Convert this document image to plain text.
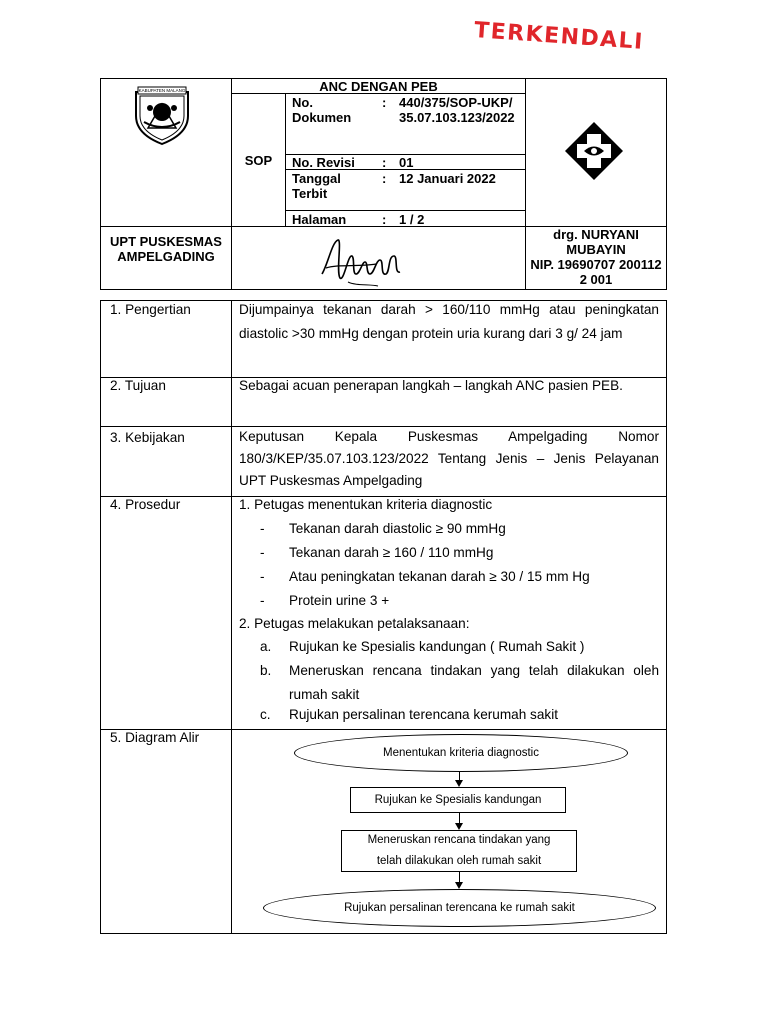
TERKENDALI
KABUPATEN MALANG	ANC DENGAN PEB
SOP
No. Dokumen
: 440/375/SOP-UKP/ 35.07.103.123/2022
No. Revisi : 01
Tanggal Terbit
: 12 Januari 2022
Halaman	: 1 / 2
UPT PUSKESMAS AMPELGADING
drg. NURYANI MUBAYIN
NIP. 19690707 200112 2 001
1. Pengertian	Dijumpainya tekanan darah > 160/110 mmHg atau peningkatan diastolic >30 mmHg dengan protein uria kurang dari 3 g/ 24 jam
2. Tujuan	Sebagai acuan penerapan langkah – langkah ANC pasien PEB.
3. Kebijakan	Keputusan Kepala Puskesmas Ampelgading Nomor 180/3/KEP/35.07.103.123/2022 Tentang Jenis – Jenis Pelayanan UPT Puskesmas Ampelgading
4. Prosedur	1. Petugas menentukan kriteria diagnostic
- Tekanan darah diastolic ≥ 90 mmHg
- Tekanan darah ≥ 160 / 110 mmHg
- Atau peningkatan tekanan darah ≥ 30 / 15 mm Hg
- Protein urine 3 +
2. Petugas melakukan petalaksanaan:
a. Rujukan ke Spesialis kandungan ( Rumah Sakit )
b. Meneruskan rencana tindakan yang telah dilakukan oleh rumah sakit
c. Rujukan persalinan terencana kerumah sakit
5. Diagram Alir
Menentukan kriteria diagnostic
Rujukan ke Spesialis kandungan
Meneruskan rencana tindakan yang telah dilakukan oleh rumah sakit
Rujukan persalinan terencana ke rumah sakit
